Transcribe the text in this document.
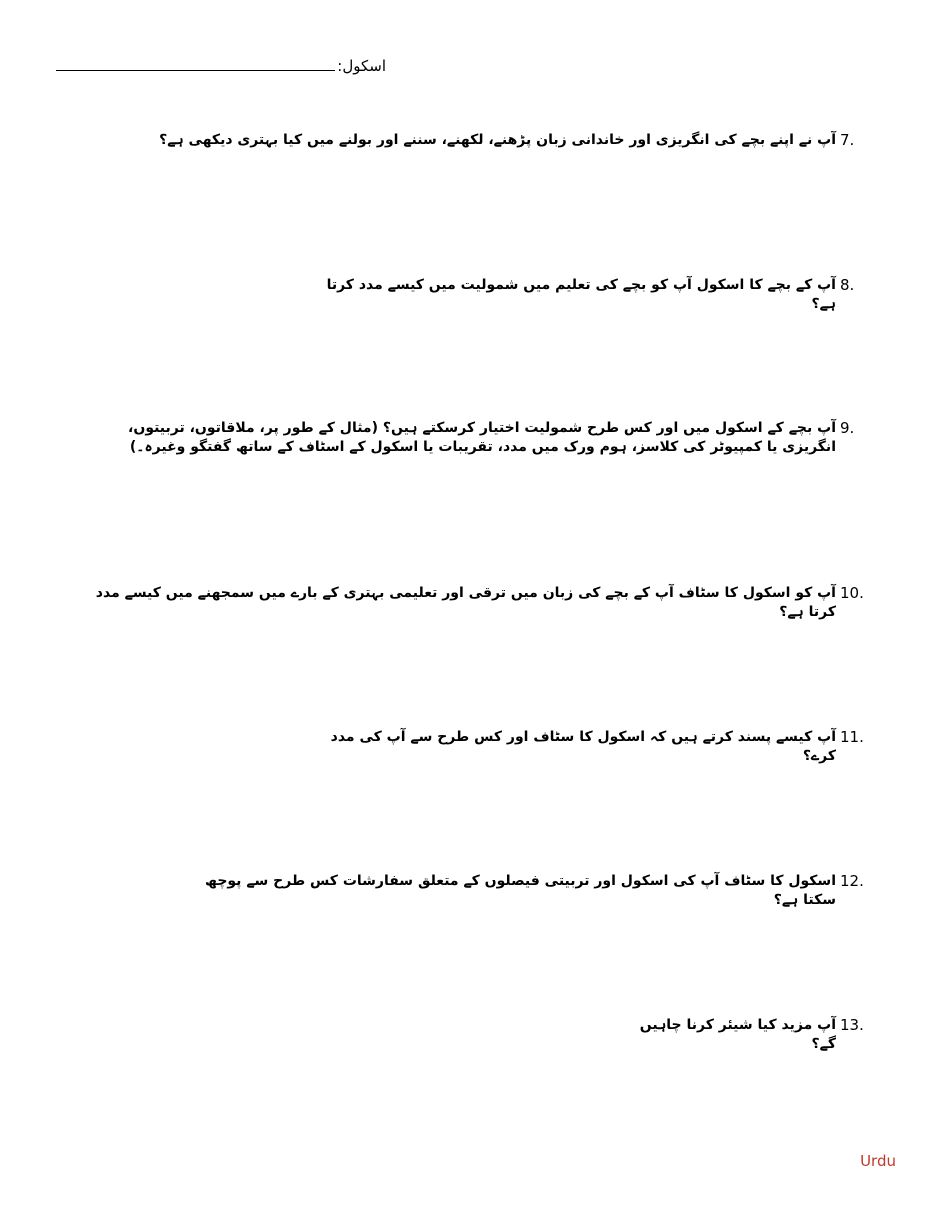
اسکول:
7.
آپ نے اپنے بچے کی انگریزی اور خاندانی زبان پڑھنے، لکھنے، سننے اور بولنے میں کیا بہتری دیکھی ہے؟
8.
آپ کے بچے کا اسکول آپ کو بچے کی تعلیم میں شمولیت میں کیسے مدد کرتا ہے؟
9.
آپ بچے کے اسکول میں اور کس طرح شمولیت اختیار کرسکتے ہیں؟ (مثال کے طور پر، ملاقاتوں، تربیتوں، انگریزی یا کمپیوٹر کی کلاسز، ہوم ورک میں مدد، تقریبات یا اسکول کے اسٹاف کے ساتھ گفتگو وغیرہ۔)
10.
آپ کو اسکول کا سٹاف آپ کے بچے کی زبان میں ترقی اور تعلیمی بہتری کے بارے میں سمجھنے میں کیسے مدد کرتا ہے؟
11.
آپ کیسے پسند کرتے ہیں کہ اسکول کا سٹاف اور کس طرح سے آپ کی مدد کرے؟
12.
اسکول کا سٹاف آپ کی اسکول اور تربیتی فیصلوں کے متعلق سفارشات کس طرح سے پوچھ سکتا ہے؟
13.
آپ مزید کیا شیئر کرنا چاہیں گے؟
Urdu
